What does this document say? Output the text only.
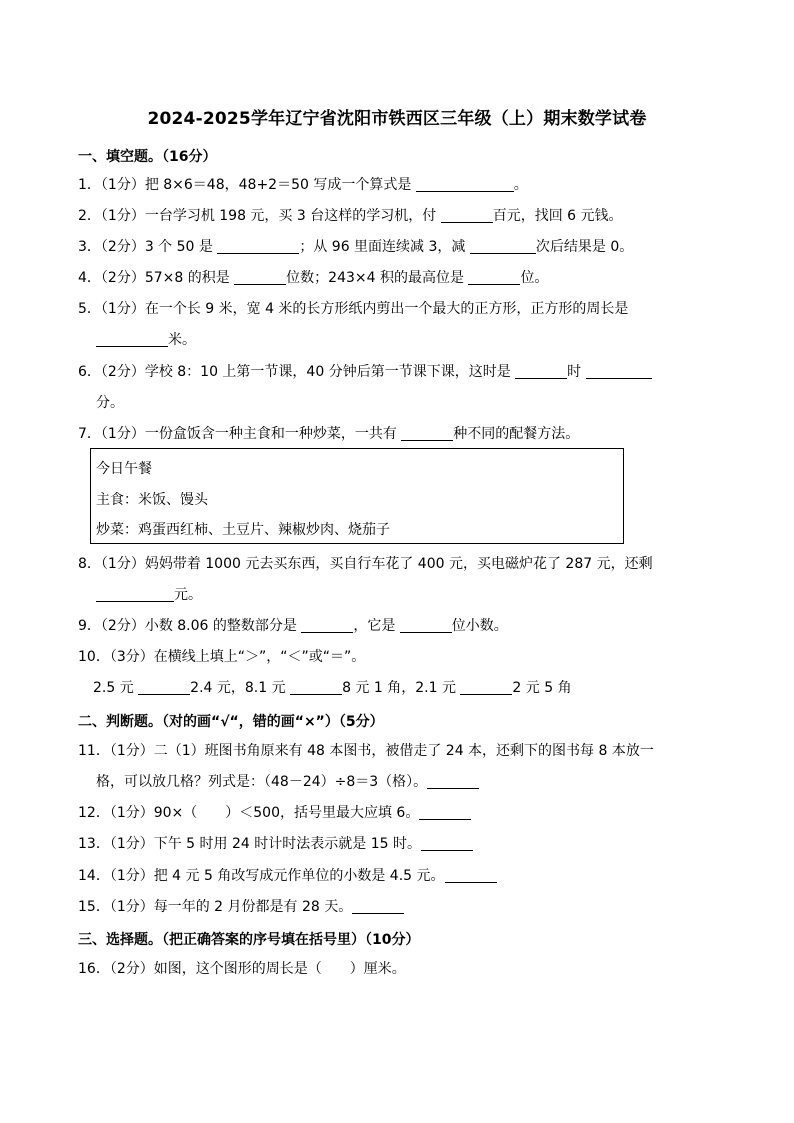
2024-2025学年辽宁省沈阳市铁西区三年级（上）期末数学试卷
一、填空题。（16分）
1．（1分）把 8×6＝48，48+2＝50 写成一个算式是	。
2．（1分）一台学习机 198 元，买 3 台这样的学习机，付	百元，找回 6 元钱。
3．（2分）3 个 50 是	；从 96 里面连续减 3，减	次后结果是 0。
4．（2分）57×8 的积是	位数；243×4 积的最高位是	位。
5．（1分）在一个长 9 米，宽 4 米的长方形纸内剪出一个最大的正方形，正方形的周长是
米。
6．（2分）学校 8：10 上第一节课，40 分钟后第一节课下课，这时是	时
分。
7．（1分）一份盒饭含一种主食和一种炒菜，一共有	种不同的配餐方法。
今日午餐
主食：米饭、馒头
炒菜：鸡蛋西红柿、土豆片、辣椒炒肉、烧茄子
8．（1分）妈妈带着 1000 元去买东西，买自行车花了 400 元，买电磁炉花了 287 元，还剩
元。
9．（2分）小数 8.06 的整数部分是	，它是	位小数。
10．（3分）在横线上填上“＞”，“＜”或“＝”。
2.5 元	2.4 元，8.1 元	8 元 1 角，2.1 元	2 元 5 角
二、判断题。（对的画“√“，错的画“×”）（5分）
11．（1分）二（1）班图书角原来有 48 本图书，被借走了 24 本，还剩下的图书每 8 本放一
格，可以放几格？列式是：（48－24）÷8＝3（格）。
12．（1分）90×（　　）＜500，括号里最大应填 6。
13．（1分）下午 5 时用 24 时计时法表示就是 15 时。
14．（1分）把 4 元 5 角改写成元作单位的小数是 4.5 元。
15．（1分）每一年的 2 月份都是有 28 天。
三、选择题。（把正确答案的序号填在括号里）（10分）
16．（2分）如图，这个图形的周长是（　　）厘米。
